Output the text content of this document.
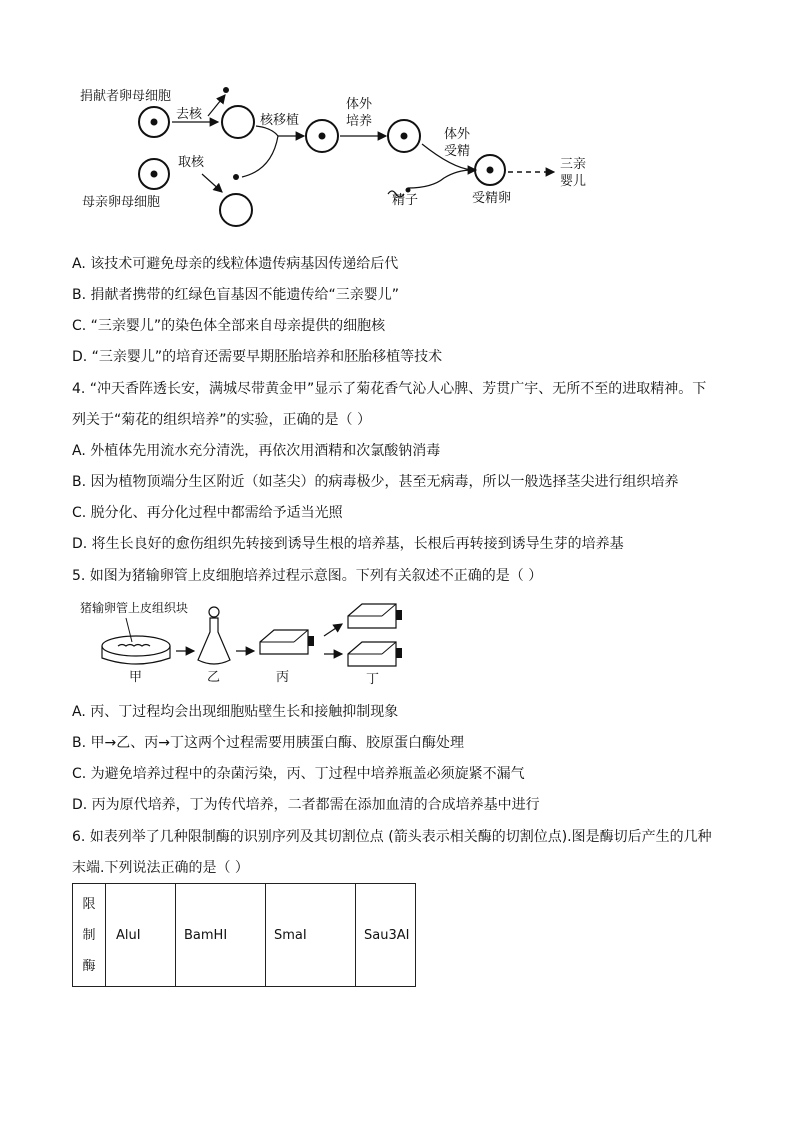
捐献者卵母细胞
去核
取核
母亲卵母细胞
核移植
体外
培养
体外
受精
精子	受精卵
三亲
婴儿
A. 该技术可避免母亲的线粒体遗传病基因传递给后代
B. 捐献者携带的红绿色盲基因不能遗传给“三亲婴儿”
C. “三亲婴儿”的染色体全部来自母亲提供的细胞核
D. “三亲婴儿”的培育还需要早期胚胎培养和胚胎移植等技术
4. “冲天香阵透长安，满城尽带黄金甲”显示了菊花香气沁人心脾、芳贯广宇、无所不至的进取精神。下
列关于“菊花的组织培养”的实验，正确的是（ ）
A. 外植体先用流水充分清洗，再依次用酒精和次氯酸钠消毒
B. 因为植物顶端分生区附近（如茎尖）的病毒极少，甚至无病毒，所以一般选择茎尖进行组织培养
C. 脱分化、再分化过程中都需给予适当光照
D. 将生长良好的愈伤组织先转接到诱导生根的培养基，长根后再转接到诱导生芽的培养基
5. 如图为猪输卵管上皮细胞培养过程示意图。下列有关叙述不正确的是（ ）
猪输卵管上皮组织块
甲	乙	丙	丁
A. 丙、丁过程均会出现细胞贴壁生长和接触抑制现象
B. 甲→乙、丙→丁这两个过程需要用胰蛋白酶、胶原蛋白酶处理
C. 为避免培养过程中的杂菌污染，丙、丁过程中培养瓶盖必须旋紧不漏气
D. 丙为原代培养，丁为传代培养，二者都需在添加血清的合成培养基中进行
6. 如表列举了几种限制酶的识别序列及其切割位点 (箭头表示相关酶的切割位点).图是酶切后产生的几种
末端.下列说法正确的是（ ）
限
制
酶
	AluI	BamHI	SmaI	Sau3AI
